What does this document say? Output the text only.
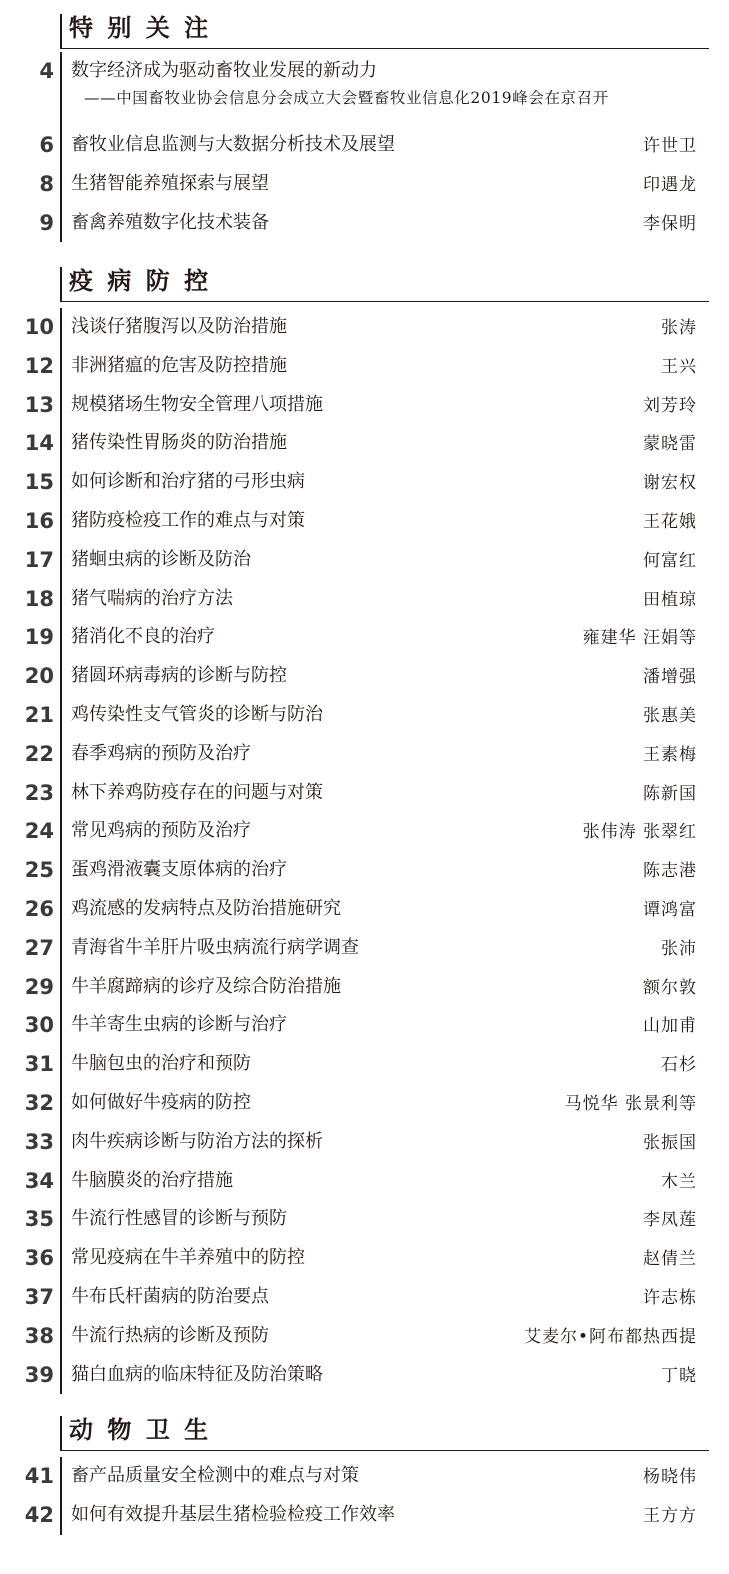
特 别 关 注
4 数字经济成为驱动畜牧业发展的新动力
——中国畜牧业协会信息分会成立大会暨畜牧业信息化2019峰会在京召开
6 畜牧业信息监测与大数据分析技术及展望	许世卫
8 生猪智能养殖探索与展望	印遇龙
9 畜禽养殖数字化技术装备	李保明
疫 病 防 控
10 浅谈仔猪腹泻以及防治措施	张涛
12 非洲猪瘟的危害及防控措施	王兴
13 规模猪场生物安全管理八项措施	刘芳玲
14 猪传染性胃肠炎的防治措施	蒙晓雷
15 如何诊断和治疗猪的弓形虫病	谢宏权
16 猪防疫检疫工作的难点与对策	王花娥
17 猪蛔虫病的诊断及防治	何富红
18 猪气喘病的治疗方法	田植琼
19 猪消化不良的治疗	雍建华 汪娟等
20 猪圆环病毒病的诊断与防控	潘增强
21 鸡传染性支气管炎的诊断与防治	张惠美
22 春季鸡病的预防及治疗	王素梅
23 林下养鸡防疫存在的问题与对策	陈新国
24 常见鸡病的预防及治疗	张伟涛 张翠红
25 蛋鸡滑液囊支原体病的治疗	陈志港
26 鸡流感的发病特点及防治措施研究	谭鸿富
27 青海省牛羊肝片吸虫病流行病学调查	张沛
29 牛羊腐蹄病的诊疗及综合防治措施	额尔敦
30 牛羊寄生虫病的诊断与治疗	山加甫
31 牛脑包虫的治疗和预防	石杉
32 如何做好牛疫病的防控	马悦华 张景利等
33 肉牛疾病诊断与防治方法的探析	张振国
34 牛脑膜炎的治疗措施	木兰
35 牛流行性感冒的诊断与预防	李凤莲
36 常见疫病在牛羊养殖中的防控	赵倩兰
37 牛布氏杆菌病的防治要点	许志栋
38 牛流行热病的诊断及预防	艾麦尔•阿布都热西提
39 猫白血病的临床特征及防治策略	丁晓
动 物 卫 生
41 畜产品质量安全检测中的难点与对策	杨晓伟
42 如何有效提升基层生猪检验检疫工作效率	王方方
